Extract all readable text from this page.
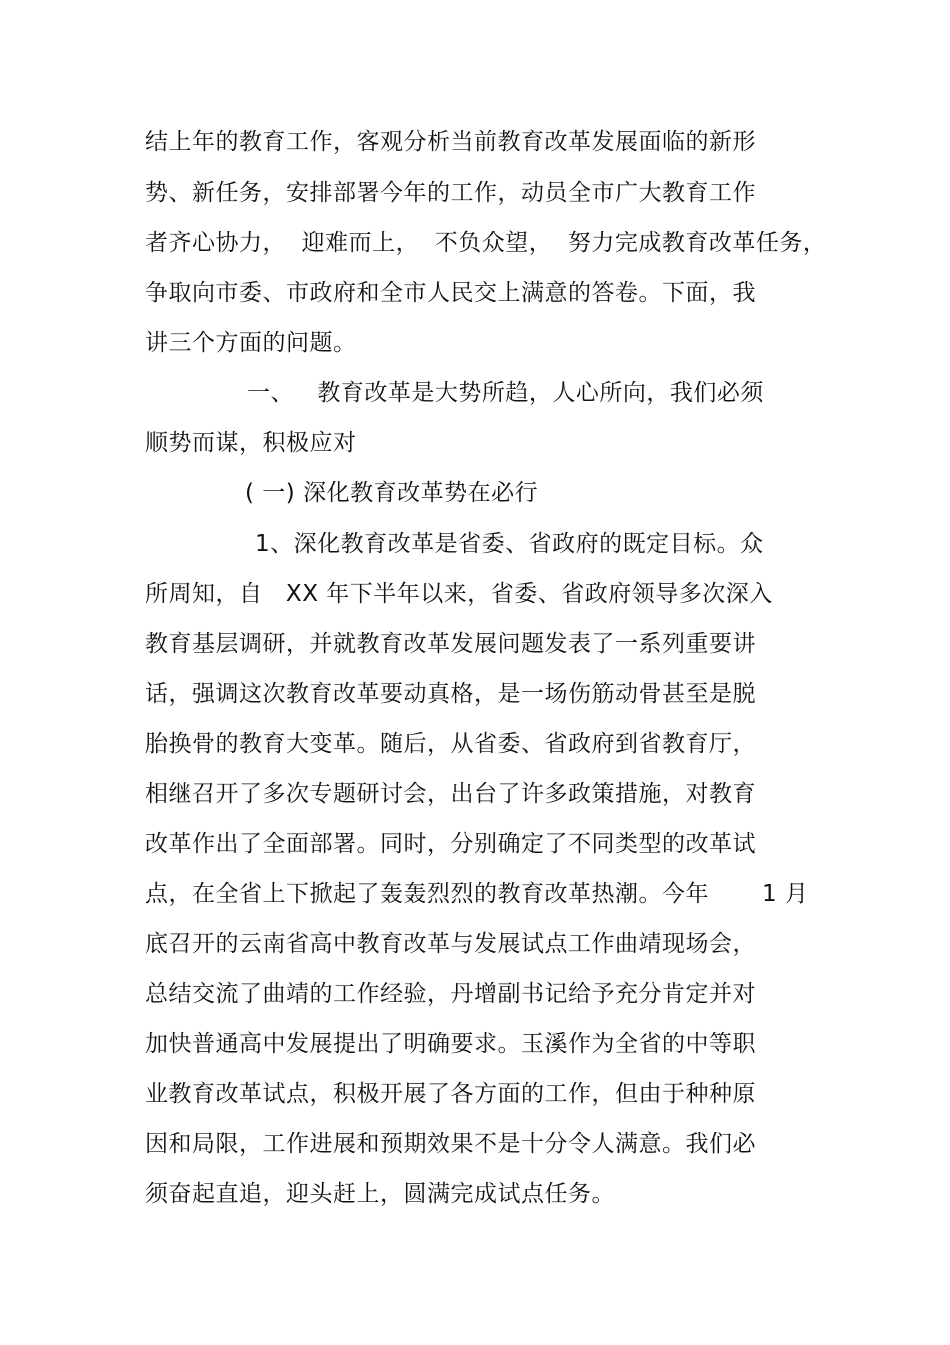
结上年的教育工作，客观分析当前教育改革发展面临的新形
势、新任务，安排部署今年的工作，动员全市广大教育工作
者齐心协力，  迎难而上，  不负众望，  努力完成教育改革任务，
争取向市委、市政府和全市人民交上满意的答卷。下面，我
讲三个方面的问题。
一、   教育改革是大势所趋，人心所向，我们必须
顺势而谋，积极应对
( 一) 深化教育改革势在必行
1、深化教育改革是省委、省政府的既定目标。众
所周知，自   XX 年下半年以来，省委、省政府领导多次深入
教育基层调研，并就教育改革发展问题发表了一系列重要讲
话，强调这次教育改革要动真格，是一场伤筋动骨甚至是脱
胎换骨的教育大变革。随后，从省委、省政府到省教育厅，
相继召开了多次专题研讨会，出台了许多政策措施，对教育
改革作出了全面部署。同时，分别确定了不同类型的改革试
点，在全省上下掀起了轰轰烈烈的教育改革热潮。今年 1 月
底召开的云南省高中教育改革与发展试点工作曲靖现场会，
总结交流了曲靖的工作经验，丹增副书记给予充分肯定并对
加快普通高中发展提出了明确要求。玉溪作为全省的中等职
业教育改革试点，积极开展了各方面的工作，但由于种种原
因和局限，工作进展和预期效果不是十分令人满意。我们必
须奋起直追，迎头赶上，圆满完成试点任务。
